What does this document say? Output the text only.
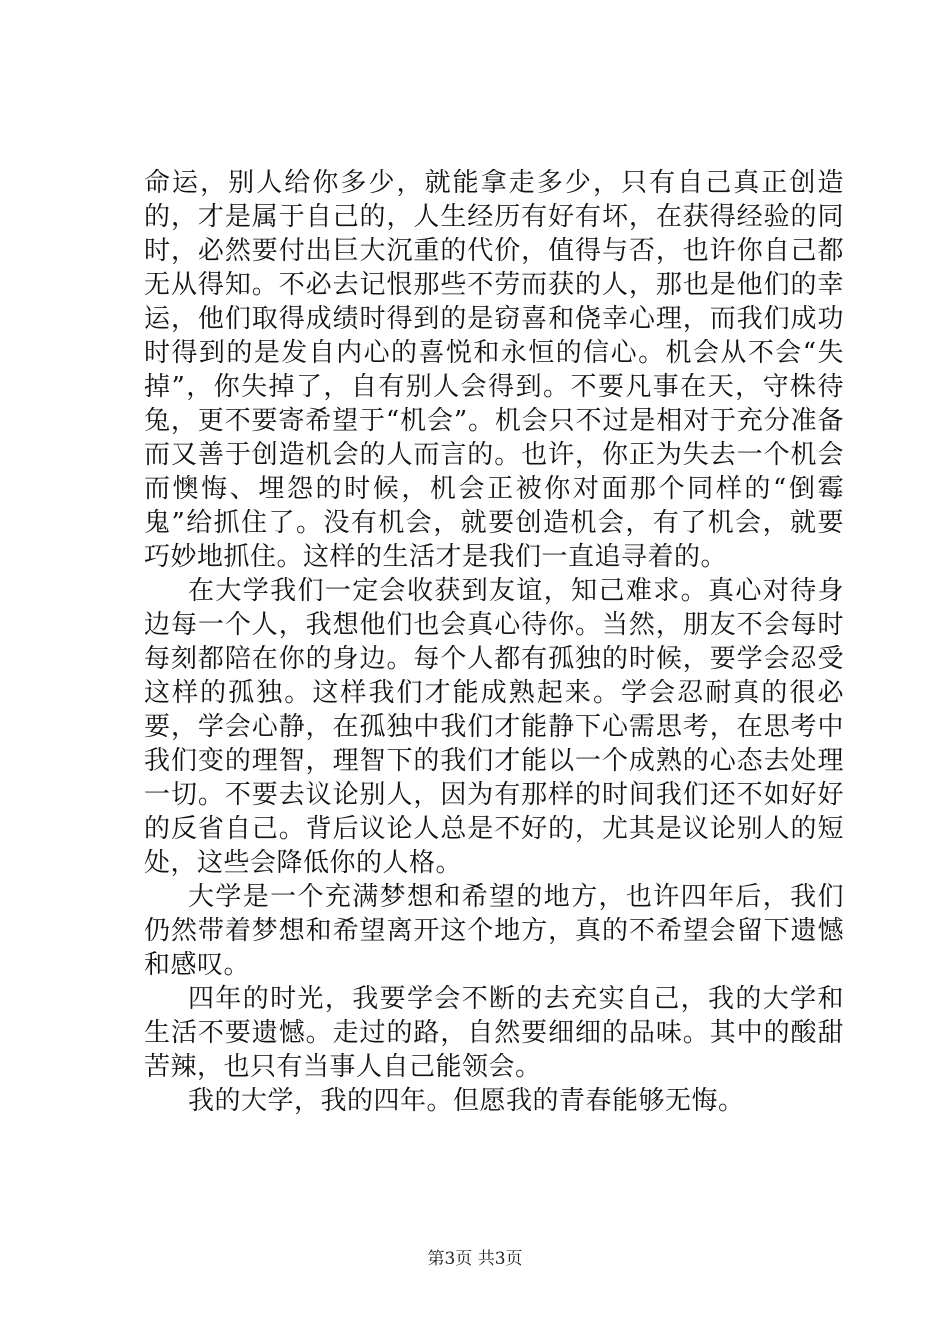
命运，别人给你多少，就能拿走多少，只有自己真正创造的，才是属于自己的，人生经历有好有坏，在获得经验的同时，必然要付出巨大沉重的代价，值得与否，也许你自己都无从得知。不必去记恨那些不劳而获的人，那也是他们的幸运，他们取得成绩时得到的是窃喜和侥幸心理，而我们成功时得到的是发自内心的喜悦和永恒的信心。机会从不会“失掉”，你失掉了，自有别人会得到。不要凡事在天，守株待兔，更不要寄希望于“机会”。机会只不过是相对于充分准备而又善于创造机会的人而言的。也许，你正为失去一个机会而懊悔、埋怨的时候，机会正被你对面那个同样的“倒霉鬼”给抓住了。没有机会，就要创造机会，有了机会，就要巧妙地抓住。这样的生活才是我们一直追寻着的。

在大学我们一定会收获到友谊，知己难求。真心对待身边每一个人，我想他们也会真心待你。当然，朋友不会每时每刻都陪在你的身边。每个人都有孤独的时候，要学会忍受这样的孤独。这样我们才能成熟起来。学会忍耐真的很必要，学会心静，在孤独中我们才能静下心需思考，在思考中我们变的理智，理智下的我们才能以一个成熟的心态去处理一切。不要去议论别人，因为有那样的时间我们还不如好好的反省自己。背后议论人总是不好的，尤其是议论别人的短处，这些会降低你的人格。

大学是一个充满梦想和希望的地方，也许四年后，我们仍然带着梦想和希望离开这个地方，真的不希望会留下遗憾和感叹。

四年的时光，我要学会不断的去充实自己，我的大学和生活不要遗憾。走过的路，自然要细细的品味。其中的酸甜苦辣，也只有当事人自己能领会。

我的大学，我的四年。但愿我的青春能够无悔。

第3页 共3页
